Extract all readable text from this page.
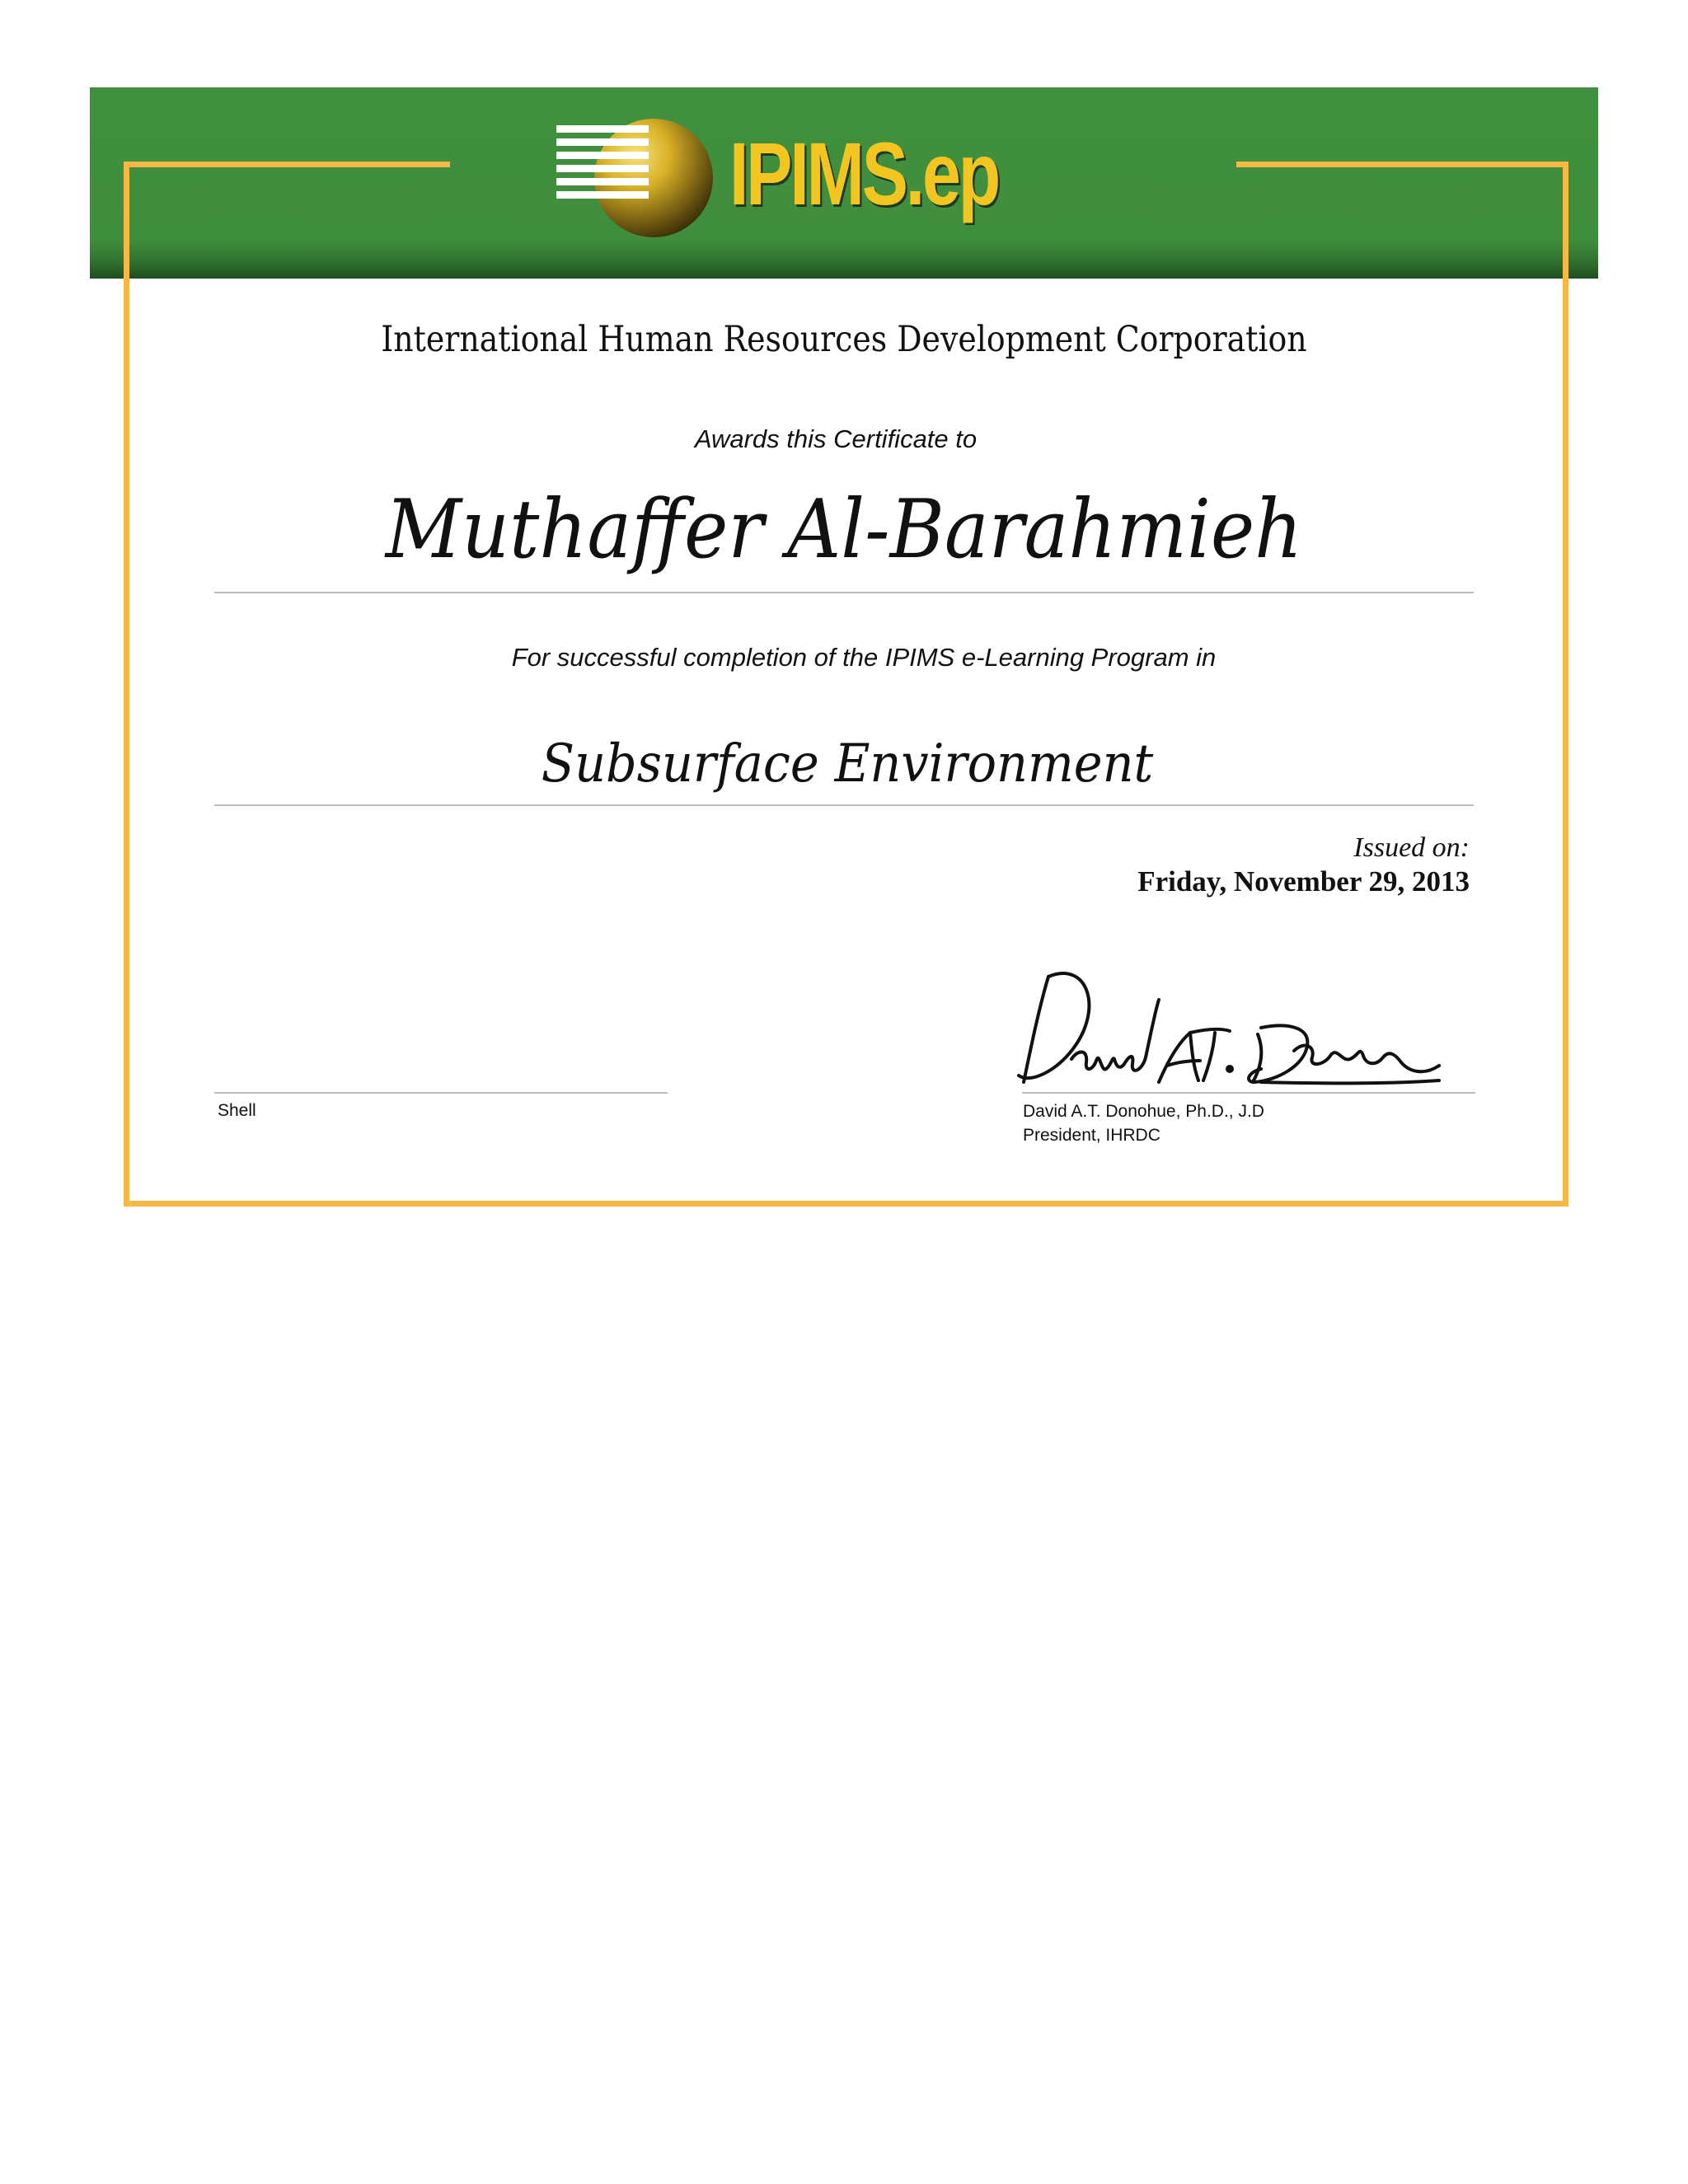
IPIMS.ep
International Human Resources Development Corporation
Awards this Certificate to
Muthaffer Al-Barahmieh
For successful completion of the IPIMS e-Learning Program in
Subsurface Environment
Issued on:
Friday, November 29, 2013
Shell	David A.T. Donohue, Ph.D., J.D
President, IHRDC
